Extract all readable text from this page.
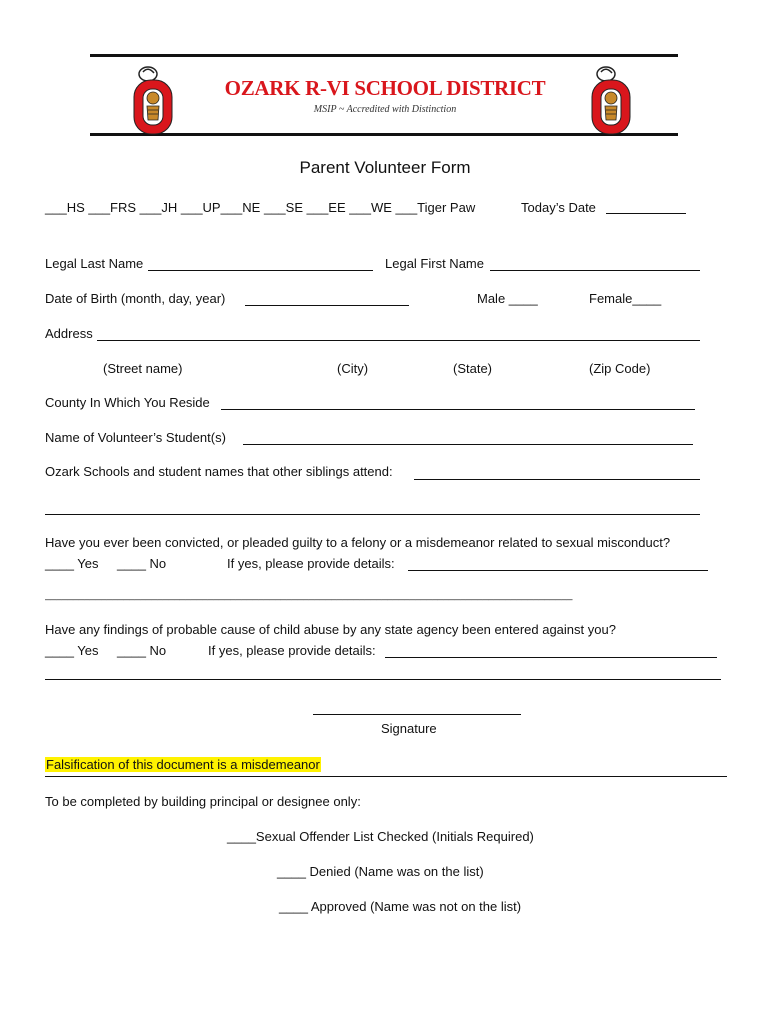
OZARK R-VI SCHOOL DISTRICT
MSIP ~ Accredited with Distinction
Parent Volunteer Form
___HS ___FRS ___JH ___UP___NE ___SE ___EE ___WE ___Tiger Paw	Today’s Date
Legal Last Name	Legal First Name
Date of Birth (month, day, year)	Male ____	Female____
Address
(Street name)	(City)	(State)	(Zip Code)
County In Which You Reside
Name of Volunteer’s Student(s)
Ozark Schools and student names that other siblings attend:
Have you ever been convicted, or pleaded guilty to a felony or a misdemeanor related to sexual misconduct?
____ Yes ____ No	If yes, please provide details:
______________________________________________________________________________________________
Have any findings of probable cause of child abuse by any state agency been entered against you?
____ Yes ____ No	If yes, please provide details:
Signature
Falsification of this document is a misdemeanor
To be completed by building principal or designee only:
____Sexual Offender List Checked (Initials Required)
____ Denied (Name was on the list)
____ Approved (Name was not on the list)
